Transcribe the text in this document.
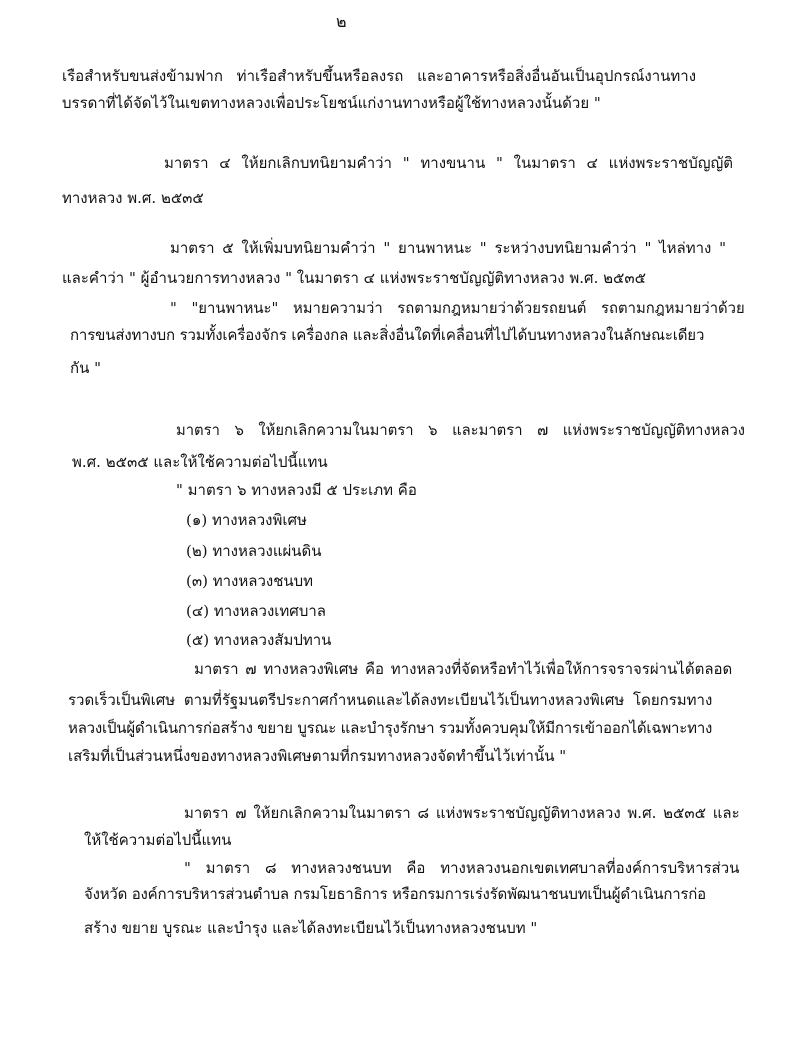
๒
เรือสำหรับขนส่งข้ามฟาก ท่าเรือสำหรับขึ้นหรือลงรถ และอาคารหรือสิ่งอื่นอันเป็นอุปกรณ์งานทาง
บรรดาที่ได้จัดไว้ในเขตทางหลวงเพื่อประโยชน์แก่งานทางหรือผู้ใช้ทางหลวงนั้นด้วย "
มาตรา ๔ ให้ยกเลิกบทนิยามคำว่า " ทางขนาน " ในมาตรา ๔ แห่งพระราชบัญญัติ
ทางหลวง พ.ศ. ๒๕๓๕
มาตรา ๕ ให้เพิ่มบทนิยามคำว่า " ยานพาหนะ " ระหว่างบทนิยามคำว่า " ไหล่ทาง "
และคำว่า " ผู้อำนวยการทางหลวง " ในมาตรา ๔ แห่งพระราชบัญญัติทางหลวง พ.ศ. ๒๕๓๕
" "ยานพาหนะ" หมายความว่า รถตามกฎหมายว่าด้วยรถยนต์ รถตามกฎหมายว่าด้วย
การขนส่งทางบก รวมทั้งเครื่องจักร เครื่องกล และสิ่งอื่นใดที่เคลื่อนที่ไปได้บนทางหลวงในลักษณะเดียว
กัน "
มาตรา ๖ ให้ยกเลิกความในมาตรา ๖ และมาตรา ๗ แห่งพระราชบัญญัติทางหลวง
พ.ศ. ๒๕๓๕ และให้ใช้ความต่อไปนี้แทน
" มาตรา ๖ ทางหลวงมี ๕ ประเภท คือ
(๑) ทางหลวงพิเศษ
(๒) ทางหลวงแผ่นดิน
(๓) ทางหลวงชนบท
(๔) ทางหลวงเทศบาล
(๕) ทางหลวงสัมปทาน
มาตรา ๗ ทางหลวงพิเศษ คือ ทางหลวงที่จัดหรือทำไว้เพื่อให้การจราจรผ่านได้ตลอด
รวดเร็วเป็นพิเศษ ตามที่รัฐมนตรีประกาศกำหนดและได้ลงทะเบียนไว้เป็นทางหลวงพิเศษ โดยกรมทาง
หลวงเป็นผู้ดำเนินการก่อสร้าง ขยาย บูรณะ และบำรุงรักษา รวมทั้งควบคุมให้มีการเข้าออกได้เฉพาะทาง
เสริมที่เป็นส่วนหนึ่งของทางหลวงพิเศษตามที่กรมทางหลวงจัดทำขึ้นไว้เท่านั้น "
มาตรา ๗ ให้ยกเลิกความในมาตรา ๘ แห่งพระราชบัญญัติทางหลวง พ.ศ. ๒๕๓๕ และ
ให้ใช้ความต่อไปนี้แทน
" มาตรา ๘ ทางหลวงชนบท คือ ทางหลวงนอกเขตเทศบาลที่องค์การบริหารส่วน
จังหวัด องค์การบริหารส่วนตำบล กรมโยธาธิการ หรือกรมการเร่งรัดพัฒนาชนบทเป็นผู้ดำเนินการก่อ
สร้าง ขยาย บูรณะ และบำรุง และได้ลงทะเบียนไว้เป็นทางหลวงชนบท "
